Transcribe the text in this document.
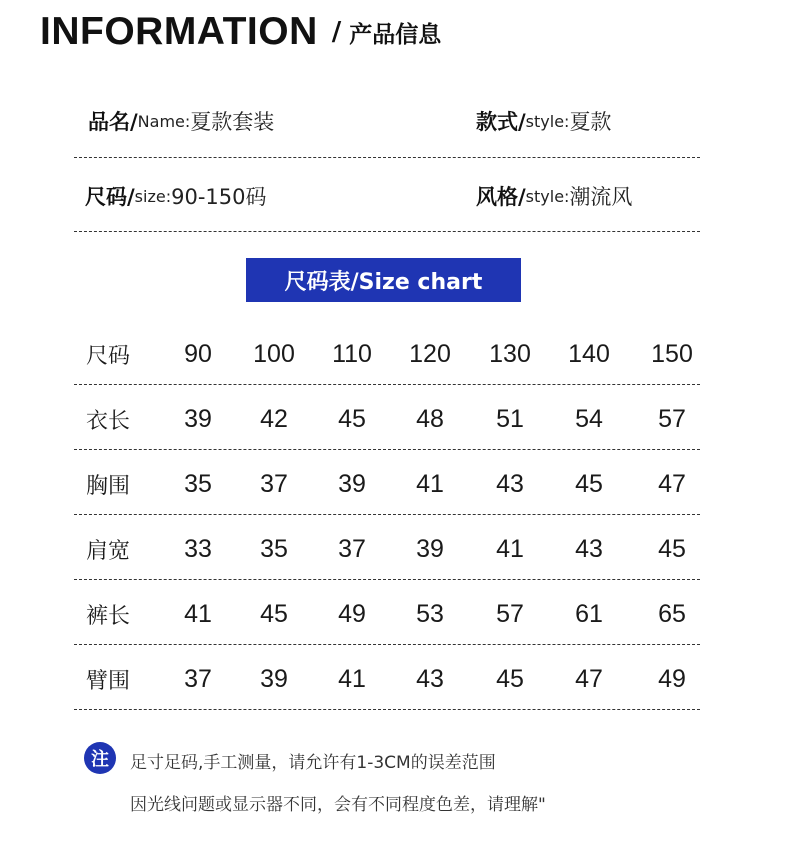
INFORMATION / 产品信息
品名/ Name: 夏款套装	款式/ style: 夏款
尺码/ size: 90-150码	风格/ style: 潮流风
尺码表/Size chart
尺码	90	100	110	120	130	140	150
衣长	39	42	45	48	51	54	57
胸围	35	37	39	41	43	45	47
肩宽	33	35	37	39	41	43	45
裤长	41	45	49	53	57	61	65
臂围	37	39	41	43	45	47	49
注 足寸足码,手工测量，请允许有1-3CM的误差范围
因光线问题或显示器不同，会有不同程度色差，请理解"
